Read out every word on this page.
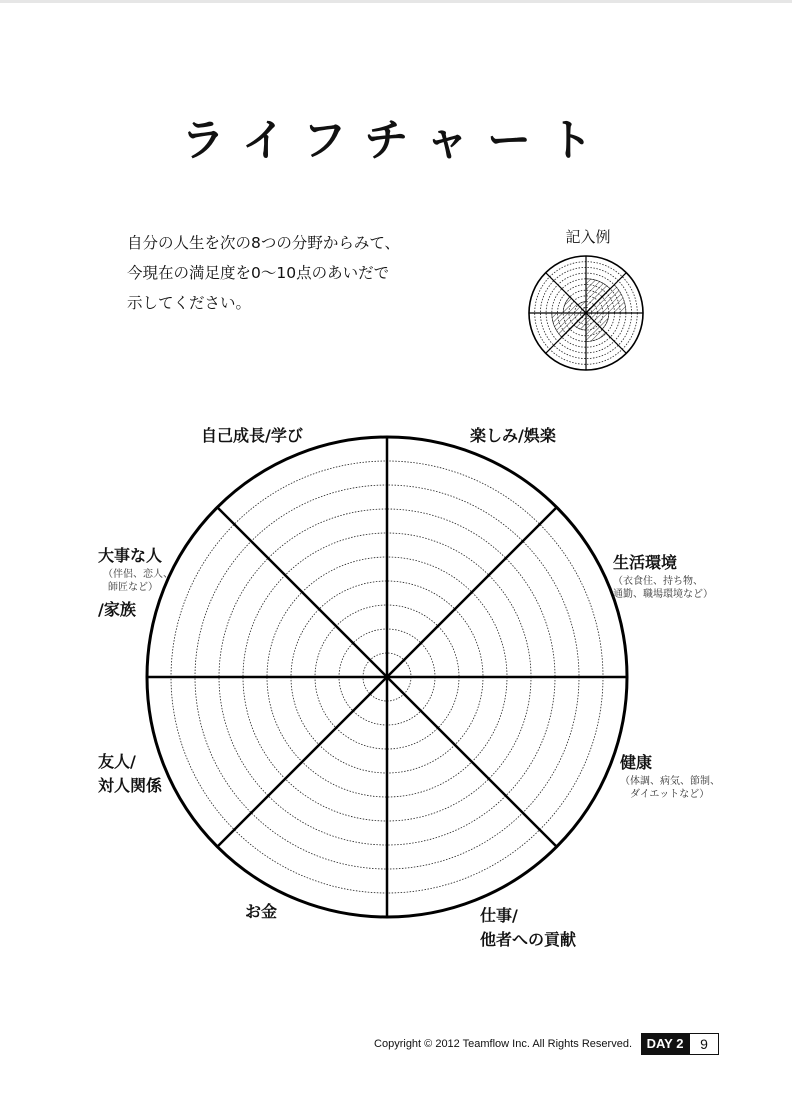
ライフチャート
自分の人生を次の8つの分野からみて、
今現在の満足度を0〜10点のあいだで
示してください。
記入例
自己成長/学び	楽しみ/娯楽
生活環境
（衣食住、持ち物、
通勤、職場環境など）
健康
（体調、病気、節制、
ダイエットなど）
仕事/
他者への貢献
お金
友人/
対人関係
大事な人
（伴侶、恋人、
師匠など）
/家族
Copyright © 2012 Teamflow Inc. All Rights Reserved.	DAY 2	9
